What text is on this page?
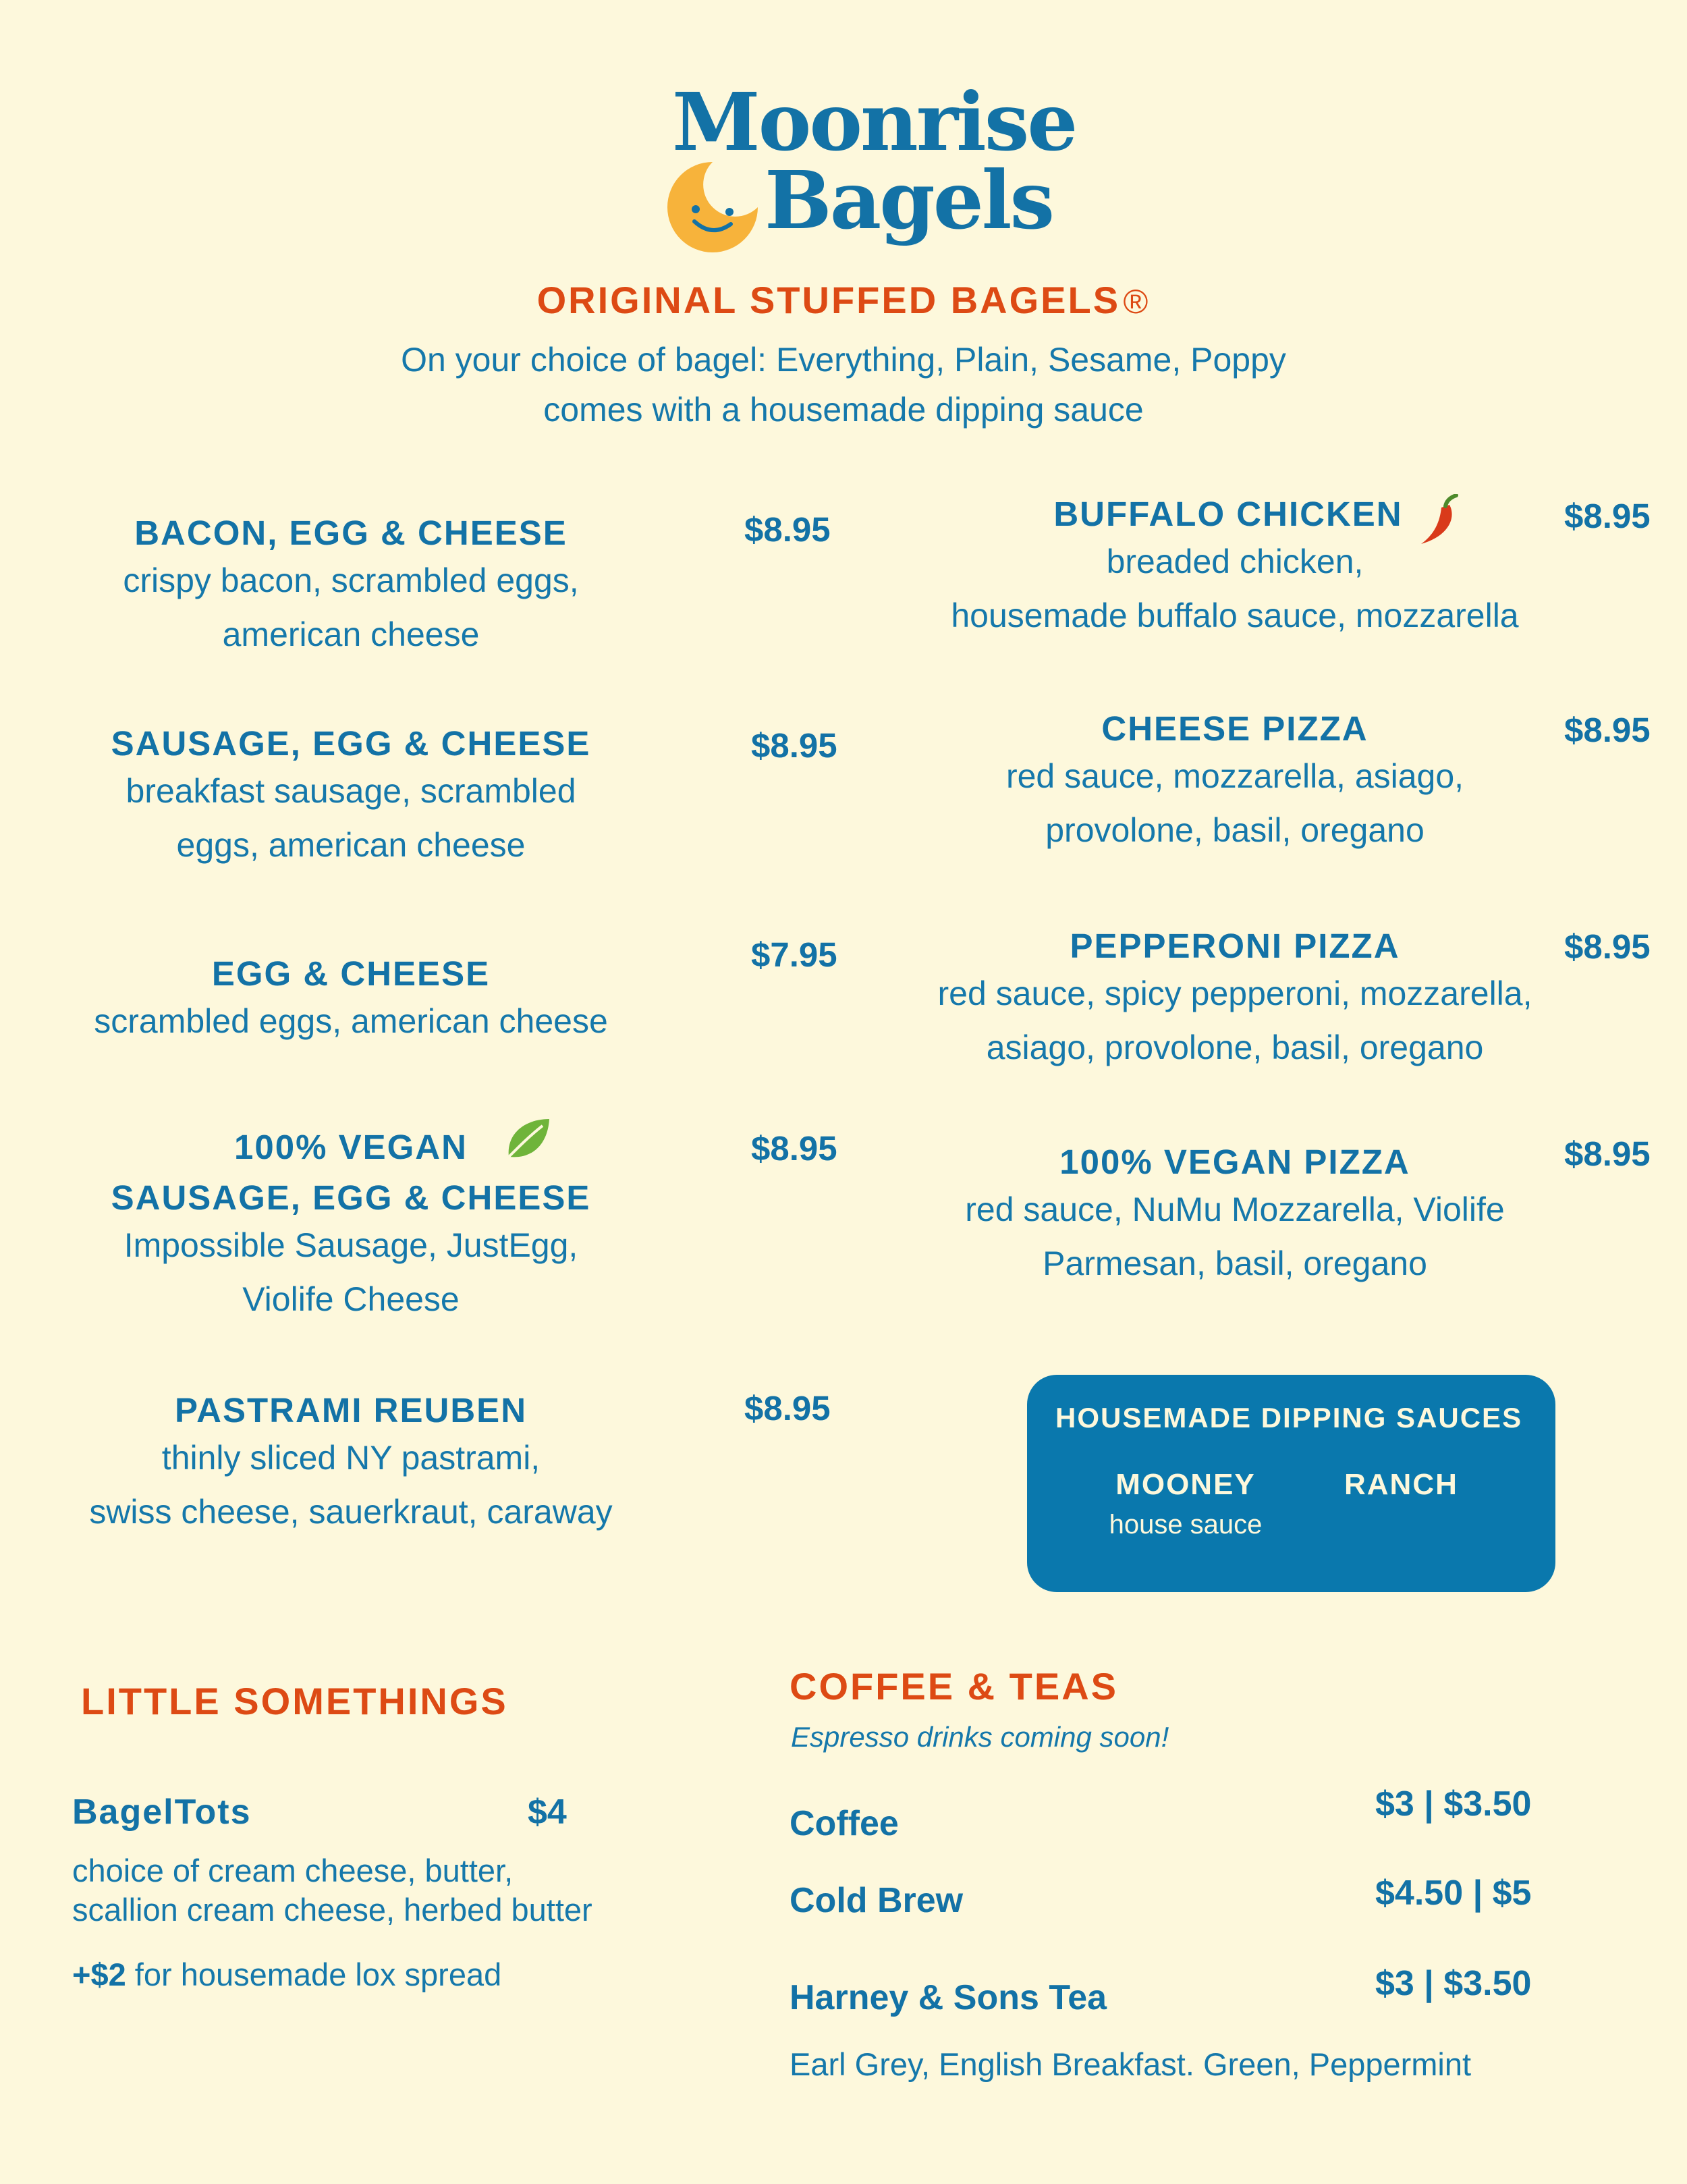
Moonrise
Bagels
ORIGINAL STUFFED BAGELS ®
On your choice of bagel: Everything, Plain, Sesame, Poppy
comes with a housemade dipping sauce
BACON, EGG & CHEESE
crispy bacon, scrambled eggs,
american cheese
$8.95
SAUSAGE, EGG & CHEESE
breakfast sausage, scrambled
eggs, american cheese
$8.95
EGG & CHEESE
scrambled eggs, american cheese
$7.95
100% VEGAN
SAUSAGE, EGG & CHEESE
Impossible Sausage, JustEgg,
Violife Cheese
$8.95
PASTRAMI REUBEN
thinly sliced NY pastrami,
swiss cheese, sauerkraut, caraway
$8.95
BUFFALO CHICKEN
breaded chicken,
housemade buffalo sauce, mozzarella
$8.95
CHEESE PIZZA
red sauce, mozzarella, asiago,
provolone, basil, oregano
$8.95
PEPPERONI PIZZA
red sauce, spicy pepperoni, mozzarella,
asiago, provolone, basil, oregano
$8.95
100% VEGAN PIZZA
red sauce, NuMu Mozzarella, Violife
Parmesan, basil, oregano
$8.95
HOUSEMADE DIPPING SAUCES
MOONEY
house sauce
RANCH
LITTLE SOMETHINGS
BagelTots	$4
choice of cream cheese, butter,
scallion cream cheese, herbed butter
+$2 for housemade lox spread
COFFEE & TEAS
Espresso drinks coming soon!
Coffee	$3 | $3.50
Cold Brew	$4.50 | $5
Harney & Sons Tea	$3 | $3.50
Earl Grey, English Breakfast. Green, Peppermint
